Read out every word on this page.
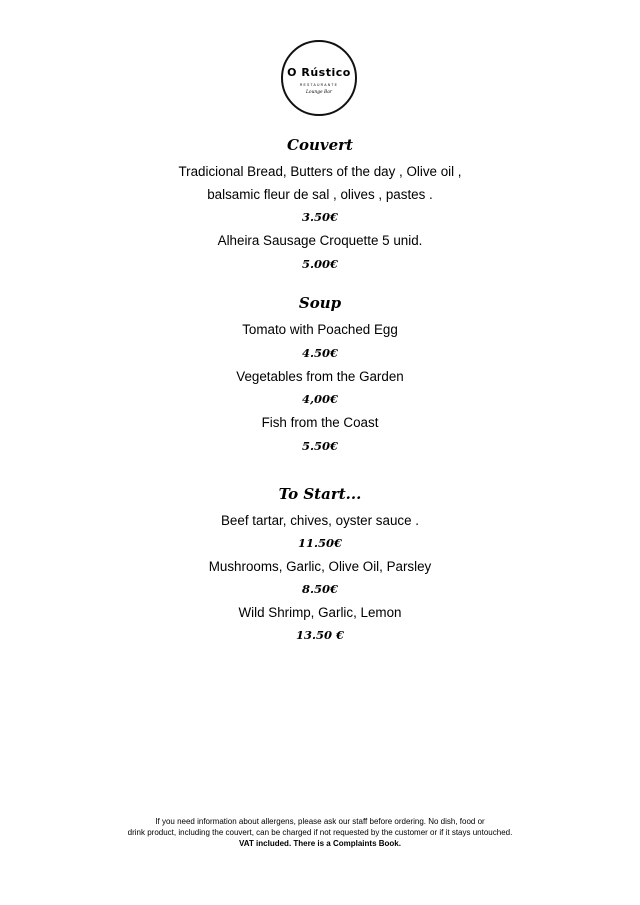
O Rústico
RESTAURANTE
Lounge Bar
Couvert
Tradicional Bread, Butters of the day , Olive oil ,
balsamic fleur de sal , olives , pastes .
3.50€
Alheira Sausage Croquette 5 unid.
5.00€
Soup
Tomato with Poached Egg
4.50€
Vegetables from the Garden
4,00€
Fish from the Coast
5.50€
To Start...
Beef tartar, chives, oyster sauce .
11.50€
Mushrooms, Garlic, Olive Oil, Parsley
8.50€
Wild Shrimp, Garlic, Lemon
13.50 €
If you need information about allergens, please ask our staff before ordering. No dish, food or
drink product, including the couvert, can be charged if not requested by the customer or if it stays untouched.
VAT included. There is a Complaints Book.
